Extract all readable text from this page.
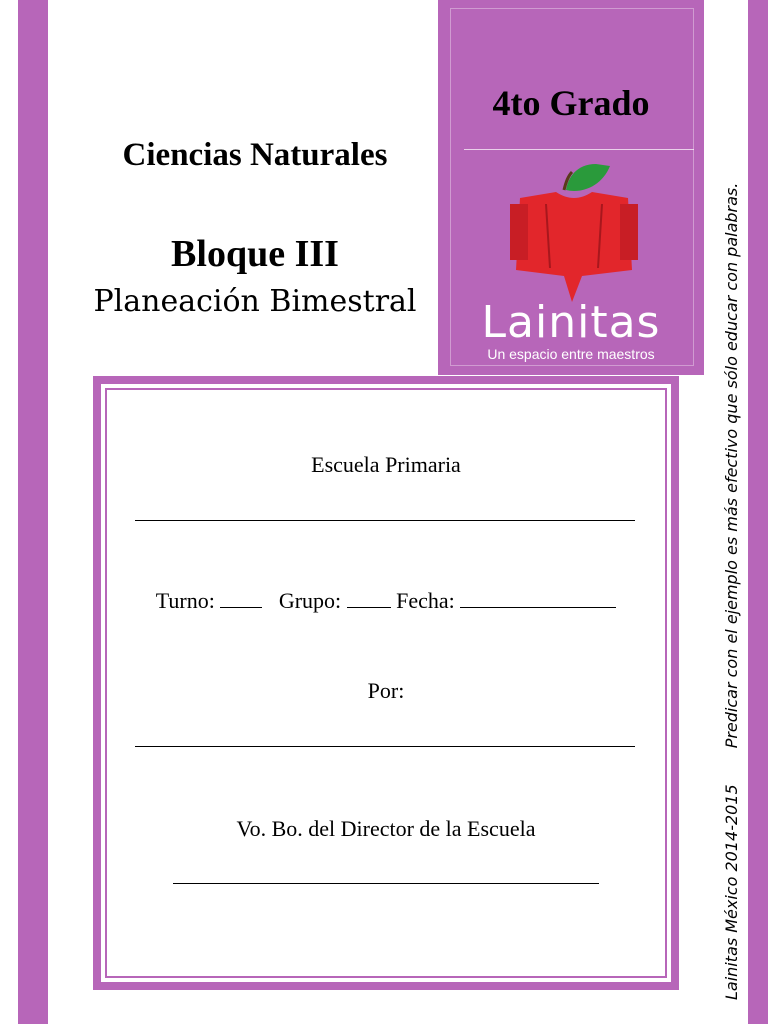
Ciencias Naturales
Bloque III
Planeación Bimestral
4to Grado
Lainitas
Un espacio entre maestros
Lainitas México 2014-2015
Predicar con el ejemplo es más efectivo que sólo educar con palabras.
Escuela Primaria
Turno:	Grupo:	Fecha:
Por:
Vo. Bo. del Director de la Escuela
